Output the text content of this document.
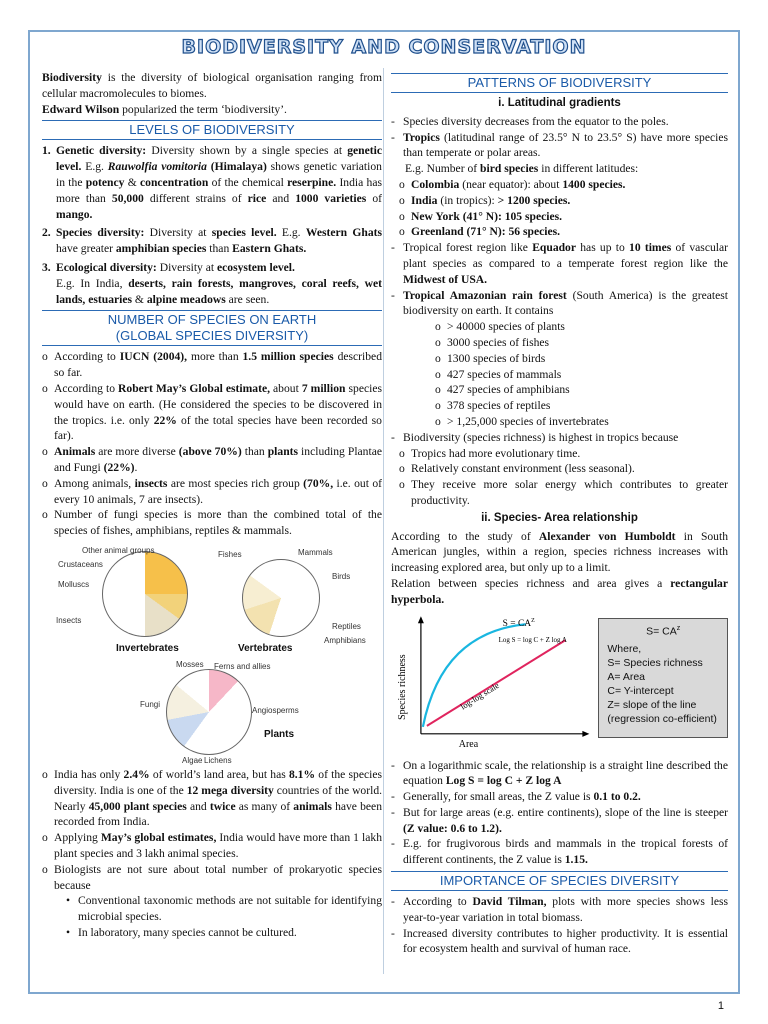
BIODIVERSITY AND CONSERVATION

Biodiversity is the diversity of biological organisation ranging from cellular macromolecules to biomes.

Edward Wilson popularized the term ‘biodiversity’.

LEVELS OF BIODIVERSITY
1. Genetic diversity: Diversity shown by a single species at genetic level. E.g. Rauwolfia vomitoria (Himalaya) shows genetic variation in the potency & concentration of the chemical reserpine. India has more than 50,000 different strains of rice and 1000 varieties of mango.
2. Species diversity: Diversity at species level. E.g. Western Ghats have greater amphibian species than Eastern Ghats.
3. Ecological diversity: Diversity at ecosystem level.
E.g. In India, deserts, rain forests, mangroves, coral reefs, wet lands, estuaries & alpine meadows are seen.
NUMBER OF SPECIES ON EARTH
(GLOBAL SPECIES DIVERSITY)
o According to IUCN (2004), more than 1.5 million species described so far.
o According to Robert May’s Global estimate, about 7 million species would have on earth. (He considered the species to be discovered in the tropics. i.e. only 22% of the total species have been recorded so far).
o Animals are more diverse (above 70%) than plants including Plantae and Fungi (22%).
o Among animals, insects are most species rich group (70%, i.e. out of every 10 animals, 7 are insects).
o Number of fungi species is more than the combined total of the species of fishes, amphibians, reptiles & mammals.
Other animal groups
Crustaceans
Molluscs
Insects
Invertebrates
Fishes	Mammals
Birds
Reptiles
Amphibians
Vertebrates
Mosses Ferns and allies
Fungi
Angiosperms
Algae Lichens
Plants
o India has only 2.4% of world’s land area, but has 8.1% of the species diversity. India is one of the 12 mega diversity countries of the world. Nearly 45,000 plant species and twice as many of animals have been recorded from India.
o Applying May’s global estimates, India would have more than 1 lakh plant species and 3 lakh animal species.
o Biologists are not sure about total number of prokaryotic species because
• Conventional taxonomic methods are not suitable for identifying microbial species.
• In laboratory, many species cannot be cultured.
PATTERNS OF BIODIVERSITY
i. Latitudinal gradients
- Species diversity decreases from the equator to the poles.
- Tropics (latitudinal range of 23.5° N to 23.5° S) have more species than temperate or polar areas.

E.g. Number of bird species in different latitudes:

o Colombia (near equator): about 1400 species.
o India (in tropics): > 1200 species.
o New York (41° N): 105 species.
o Greenland (71° N): 56 species.
- Tropical forest region like Equador has up to 10 times of vascular plant species as compared to a temperate forest region like the Midwest of USA.
- Tropical Amazonian rain forest (South America) is the greatest biodiversity on earth. It contains
o > 40000 species of plants
o 3000 species of fishes
o 1300 species of birds
o 427 species of mammals
o 427 species of amphibians
o 378 species of reptiles
o > 1,25,000 species of invertebrates
- Biodiversity (species richness) is highest in tropics because
o Tropics had more evolutionary time.
o Relatively constant environment (less seasonal).
o They receive more solar energy which contributes to greater productivity.
ii. Species- Area relationship

According to the study of Alexander von Humboldt in South American jungles, within a region, species richness increases with increasing explored area, but only up to a limit.

Relation between species richness and area gives a rectangular hyperbola.

Species richness
Area
$S = CA^Z$
Log S = log C + Z log A
log-log scale
$S= CA^z$
Where,
S= Species richness
A= Area
C= Y-intercept
Z= slope of the line (regression co-efficient)
- On a logarithmic scale, the relationship is a straight line described the equation Log S = log C + Z log A
- Generally, for small areas, the Z value is 0.1 to 0.2.
- But for large areas (e.g. entire continents), slope of the line is steeper (Z value: 0.6 to 1.2).
- E.g. for frugivorous birds and mammals in the tropical forests of different continents, the Z value is 1.15.
IMPORTANCE OF SPECIES DIVERSITY
- According to David Tilman, plots with more species shows less year-to-year variation in total biomass.
- Increased diversity contributes to higher productivity. It is essential for ecosystem health and survival of human race.
1
